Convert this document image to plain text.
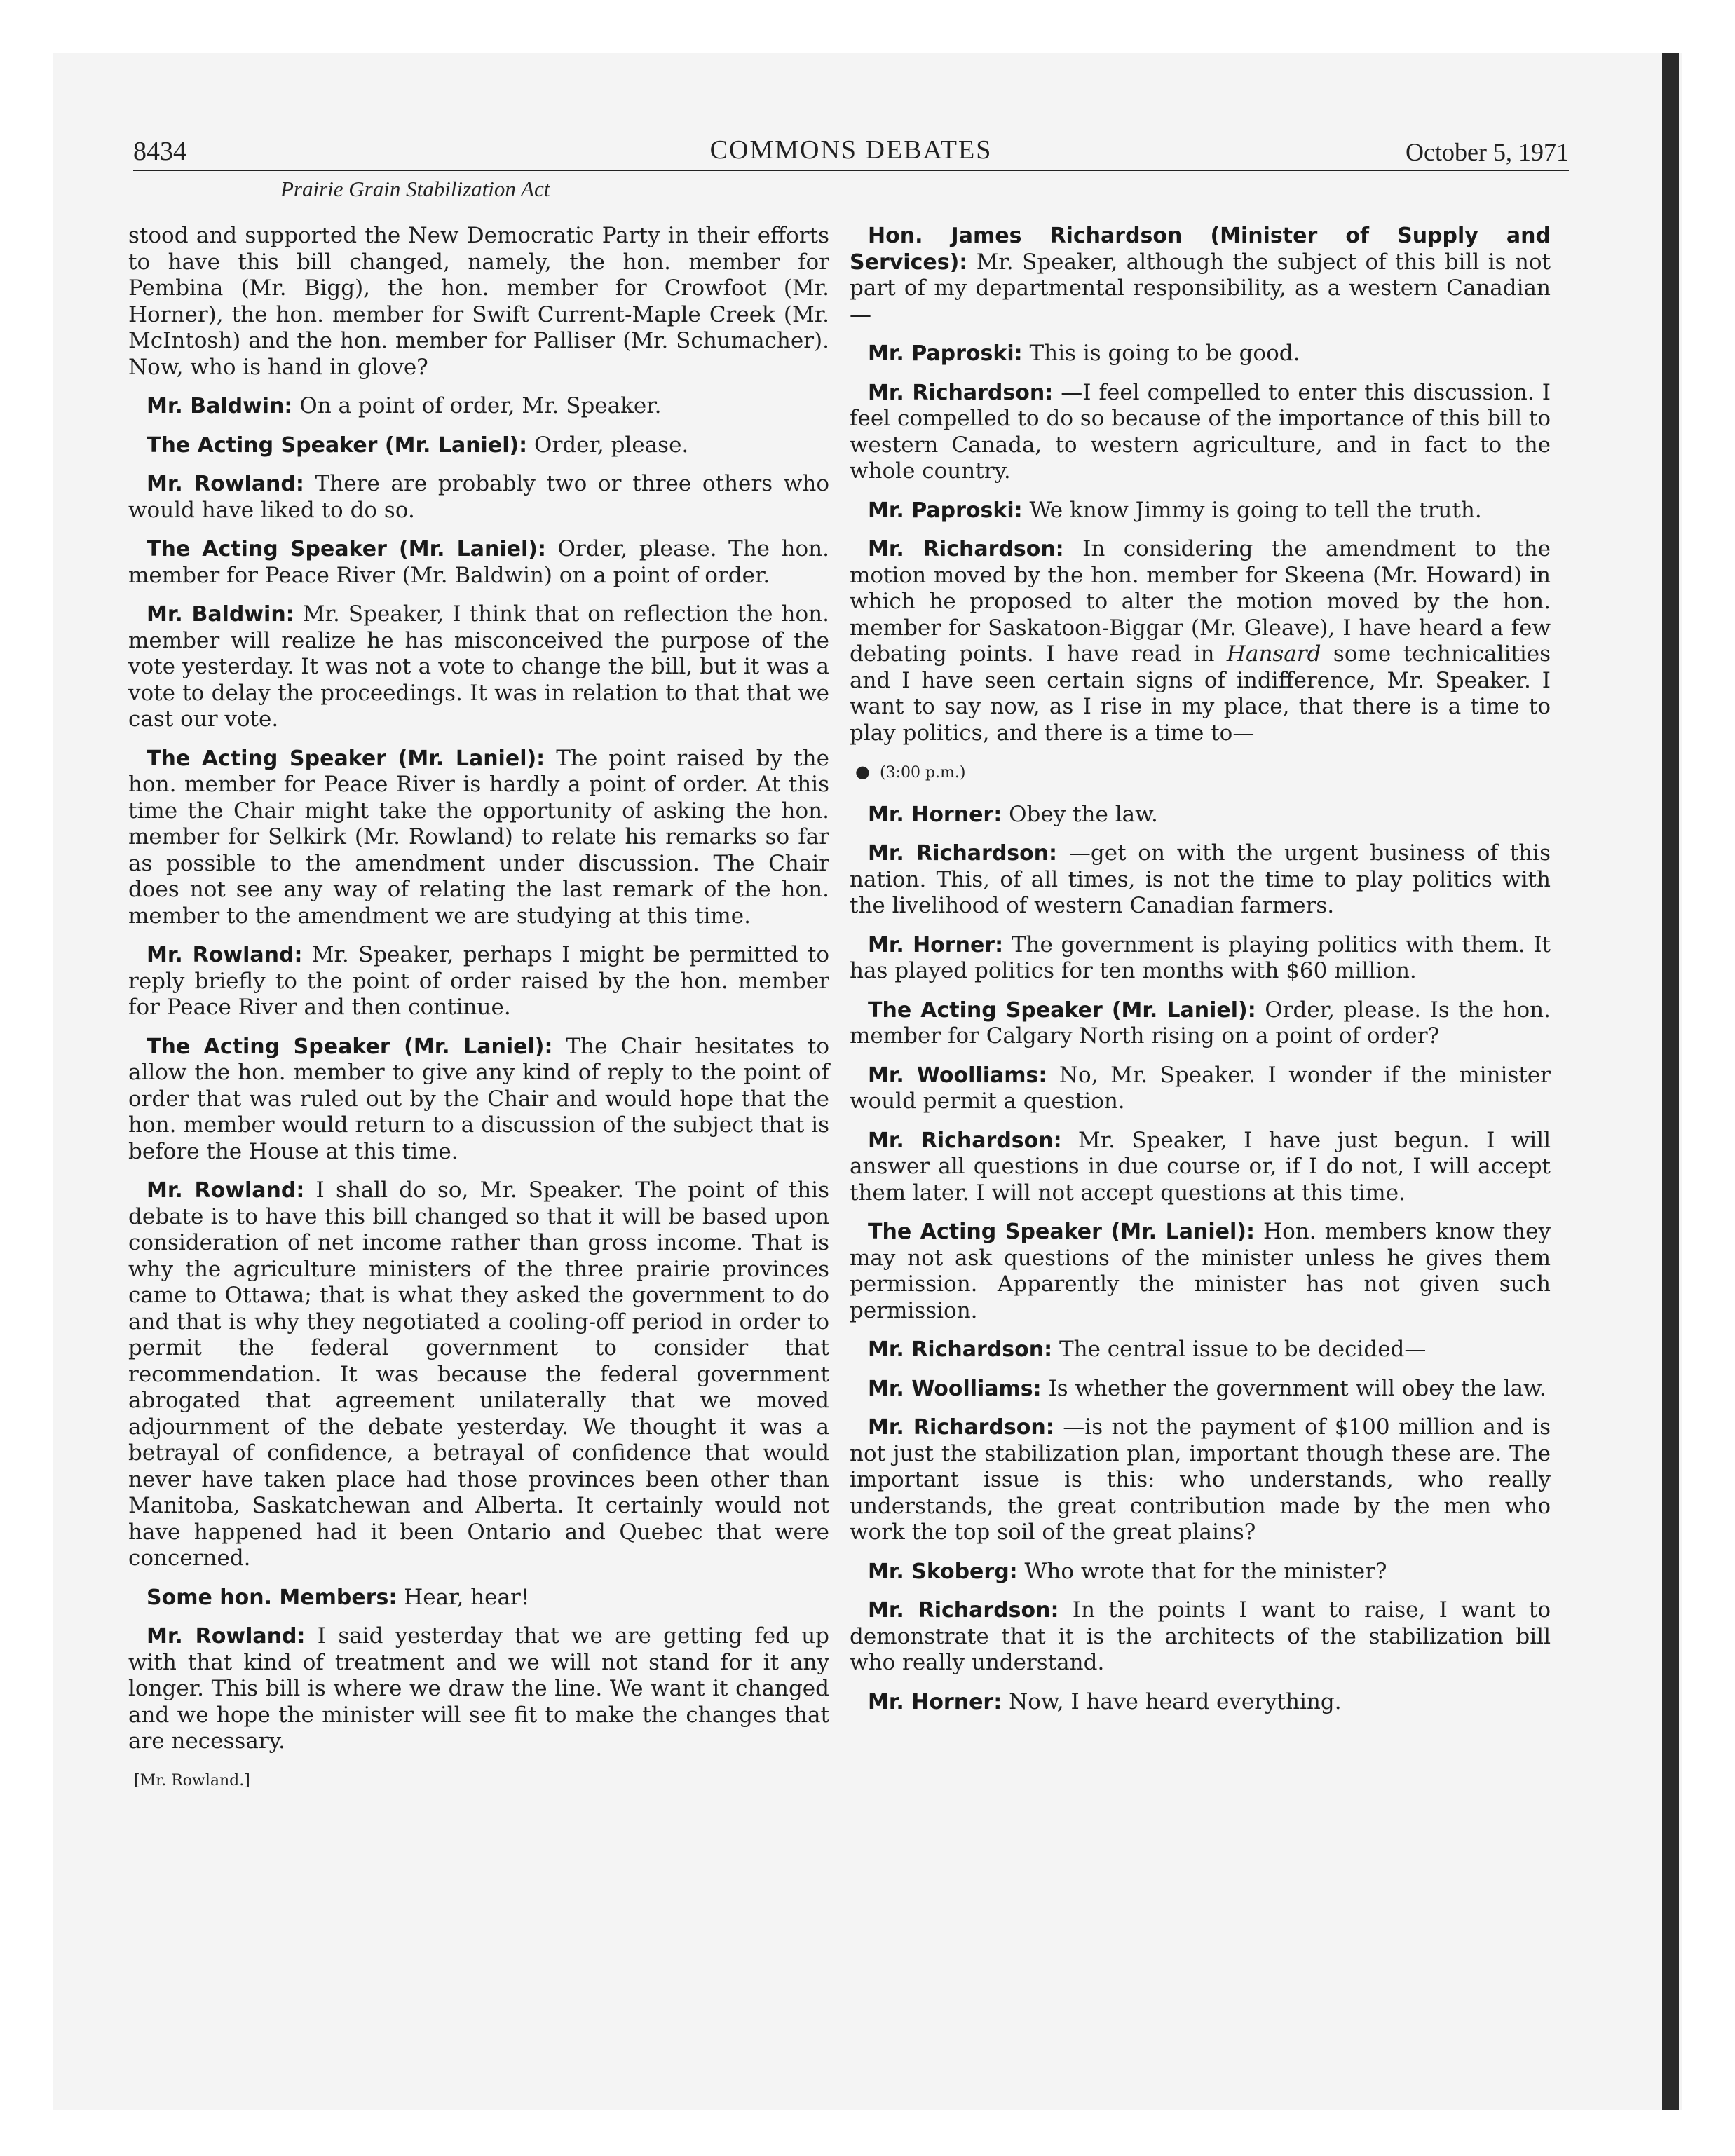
8434	COMMONS DEBATES	October 5, 1971
Prairie Grain Stabilization Act

stood and supported the New Democratic Party in their efforts to have this bill changed, namely, the hon. member for Pembina (Mr. Bigg), the hon. member for Crowfoot (Mr. Horner), the hon. member for Swift Current-Maple Creek (Mr. McIntosh) and the hon. member for Palliser (Mr. Schumacher). Now, who is hand in glove?

Mr. Baldwin: On a point of order, Mr. Speaker.

The Acting Speaker (Mr. Laniel): Order, please.

Mr. Rowland: There are probably two or three others who would have liked to do so.

The Acting Speaker (Mr. Laniel): Order, please. The hon. member for Peace River (Mr. Baldwin) on a point of order.

Mr. Baldwin: Mr. Speaker, I think that on reflection the hon. member will realize he has misconceived the purpose of the vote yesterday. It was not a vote to change the bill, but it was a vote to delay the proceedings. It was in relation to that that we cast our vote.

The Acting Speaker (Mr. Laniel): The point raised by the hon. member for Peace River is hardly a point of order. At this time the Chair might take the opportunity of asking the hon. member for Selkirk (Mr. Rowland) to relate his remarks so far as possible to the amendment under discussion. The Chair does not see any way of relating the last remark of the hon. member to the amendment we are studying at this time.

Mr. Rowland: Mr. Speaker, perhaps I might be permitted to reply briefly to the point of order raised by the hon. member for Peace River and then continue.

The Acting Speaker (Mr. Laniel): The Chair hesitates to allow the hon. member to give any kind of reply to the point of order that was ruled out by the Chair and would hope that the hon. member would return to a discussion of the subject that is before the House at this time.

Mr. Rowland: I shall do so, Mr. Speaker. The point of this debate is to have this bill changed so that it will be based upon consideration of net income rather than gross income. That is why the agriculture ministers of the three prairie provinces came to Ottawa; that is what they asked the government to do and that is why they negotiated a cooling-off period in order to permit the federal government to consider that recommendation. It was because the federal government abrogated that agreement unilaterally that we moved adjournment of the debate yesterday. We thought it was a betrayal of confidence, a betrayal of confidence that would never have taken place had those provinces been other than Manitoba, Saskatchewan and Alberta. It certainly would not have happened had it been Ontario and Quebec that were concerned.

Some hon. Members: Hear, hear!

Mr. Rowland: I said yesterday that we are getting fed up with that kind of treatment and we will not stand for it any longer. This bill is where we draw the line. We want it changed and we hope the minister will see fit to make the changes that are necessary.

[Mr. Rowland.]

Hon. James Richardson (Minister of Supply and Services): Mr. Speaker, although the subject of this bill is not part of my departmental responsibility, as a western Canadian—

Mr. Paproski: This is going to be good.

Mr. Richardson: —I feel compelled to enter this discussion. I feel compelled to do so because of the importance of this bill to western Canada, to western agriculture, and in fact to the whole country.

Mr. Paproski: We know Jimmy is going to tell the truth.

Mr. Richardson: In considering the amendment to the motion moved by the hon. member for Skeena (Mr. Howard) in which he proposed to alter the motion moved by the hon. member for Saskatoon-Biggar (Mr. Gleave), I have heard a few debating points. I have read in Hansard some technicalities and I have seen certain signs of indifference, Mr. Speaker. I want to say now, as I rise in my place, that there is a time to play politics, and there is a time to—

● (3:00 p.m.)

Mr. Horner: Obey the law.

Mr. Richardson: —get on with the urgent business of this nation. This, of all times, is not the time to play politics with the livelihood of western Canadian farmers.

Mr. Horner: The government is playing politics with them. It has played politics for ten months with $60 million.

The Acting Speaker (Mr. Laniel): Order, please. Is the hon. member for Calgary North rising on a point of order?

Mr. Woolliams: No, Mr. Speaker. I wonder if the minister would permit a question.

Mr. Richardson: Mr. Speaker, I have just begun. I will answer all questions in due course or, if I do not, I will accept them later. I will not accept questions at this time.

The Acting Speaker (Mr. Laniel): Hon. members know they may not ask questions of the minister unless he gives them permission. Apparently the minister has not given such permission.

Mr. Richardson: The central issue to be decided—

Mr. Woolliams: Is whether the government will obey the law.

Mr. Richardson: —is not the payment of $100 million and is not just the stabilization plan, important though these are. The important issue is this: who understands, who really understands, the great contribution made by the men who work the top soil of the great plains?

Mr. Skoberg: Who wrote that for the minister?

Mr. Richardson: In the points I want to raise, I want to demonstrate that it is the architects of the stabilization bill who really understand.

Mr. Horner: Now, I have heard everything.
